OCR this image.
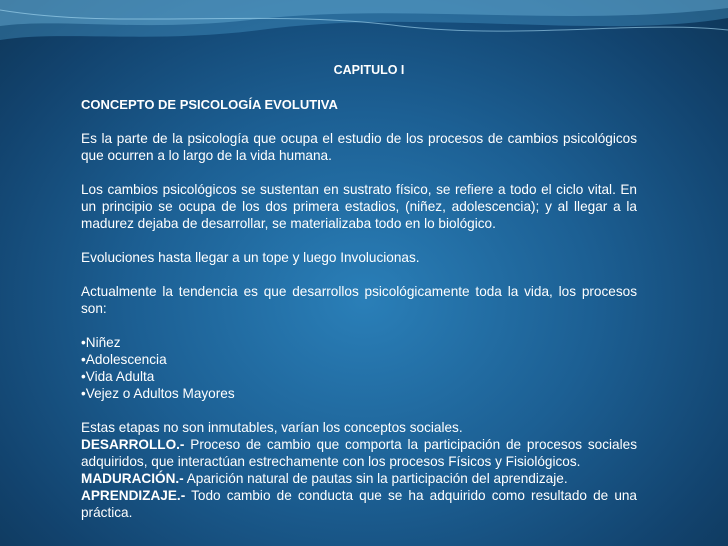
CAPITULO I
CONCEPTO DE PSICOLOGÍA EVOLUTIVA

Es la parte de la psicología que ocupa el estudio de los procesos de cambios psicológicos que ocurren a lo largo de la vida humana.

Los cambios psicológicos se sustentan en sustrato físico, se refiere a todo el ciclo vital. En un principio se ocupa de los dos primera estadios, (niñez, adolescencia); y al llegar a la madurez dejaba de desarrollar, se materializaba todo en lo biológico.

Evoluciones hasta llegar a un tope y luego Involucionas.

Actualmente la tendencia es que desarrollos psicológicamente toda la vida, los procesos son:

• Niñez
• Adolescencia
• Vida Adulta
• Vejez o Adultos Mayores

Estas etapas no son inmutables, varían los conceptos sociales.

DESARROLLO.- Proceso de cambio que comporta la participación de procesos sociales adquiridos, que interactúan estrechamente con los procesos Físicos y Fisiológicos.

MADURACIÓN.- Aparición natural de pautas sin la participación del aprendizaje.

APRENDIZAJE.- Todo cambio de conducta que se ha adquirido como resultado de una práctica.
